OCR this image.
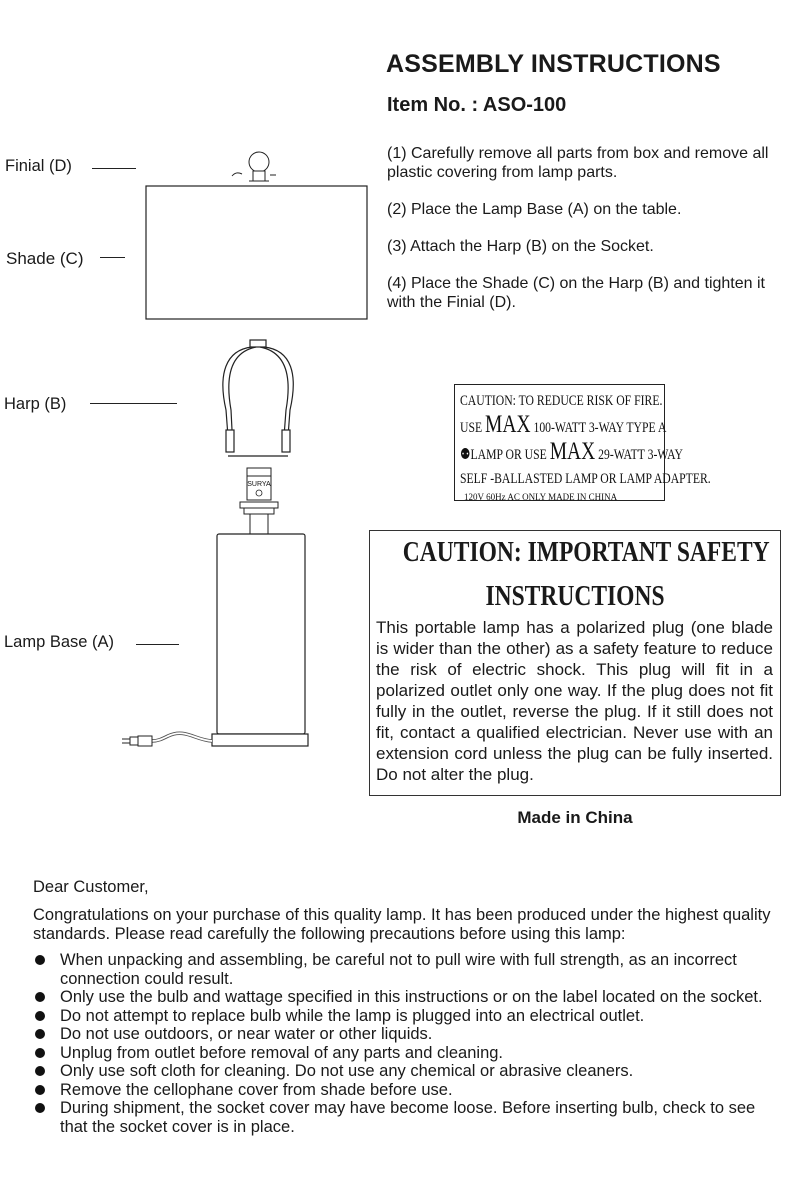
SURYA
Finial (D)
Shade (C)
Harp (B)
Lamp Base (A)
ASSEMBLY INSTRUCTIONS
Item No. : ASO-100

(1) Carefully remove all parts from box and remove all plastic covering from lamp parts.

(2) Place the Lamp Base (A) on the table.

(3) Attach the Harp (B) on the Socket.

(4) Place the Shade (C) on the Harp (B) and tighten it with the Finial (D).

CAUTION: TO REDUCE RISK OF FIRE.
USE MAX 100-WATT 3-WAY TYPE A
⚉LAMP OR USE MAX 29-WATT 3-WAY
SELF -BALLASTED LAMP OR LAMP ADAPTER.
120V 60Hz AC ONLY MADE IN CHINA
CAUTION: IMPORTANT SAFETY
INSTRUCTIONS
This portable lamp has a polarized plug (one blade is wider than the other) as a safety feature to reduce the risk of electric shock. This plug will fit in a polarized outlet only one way. If the plug does not fit fully in the outlet, reverse the plug. If it still does not fit, contact a qualified electrician. Never use with an extension cord unless the plug can be fully inserted. Do not alter the plug.
Made in China
Dear Customer,
Congratulations on your purchase of this quality lamp. It has been produced under the highest quality standards. Please read carefully the following precautions before using this lamp:
When unpacking and assembling, be careful not to pull wire with full strength, as an incorrect connection could result.
Only use the bulb and wattage specified in this instructions or on the label located on the socket.
Do not attempt to replace bulb while the lamp is plugged into an electrical outlet.
Do not use outdoors, or near water or other liquids.
Unplug from outlet before removal of any parts and cleaning.
Only use soft cloth for cleaning. Do not use any chemical or abrasive cleaners.
Remove the cellophane cover from shade before use.
During shipment, the socket cover may have become loose. Before inserting bulb, check to see that the socket cover is in place.
